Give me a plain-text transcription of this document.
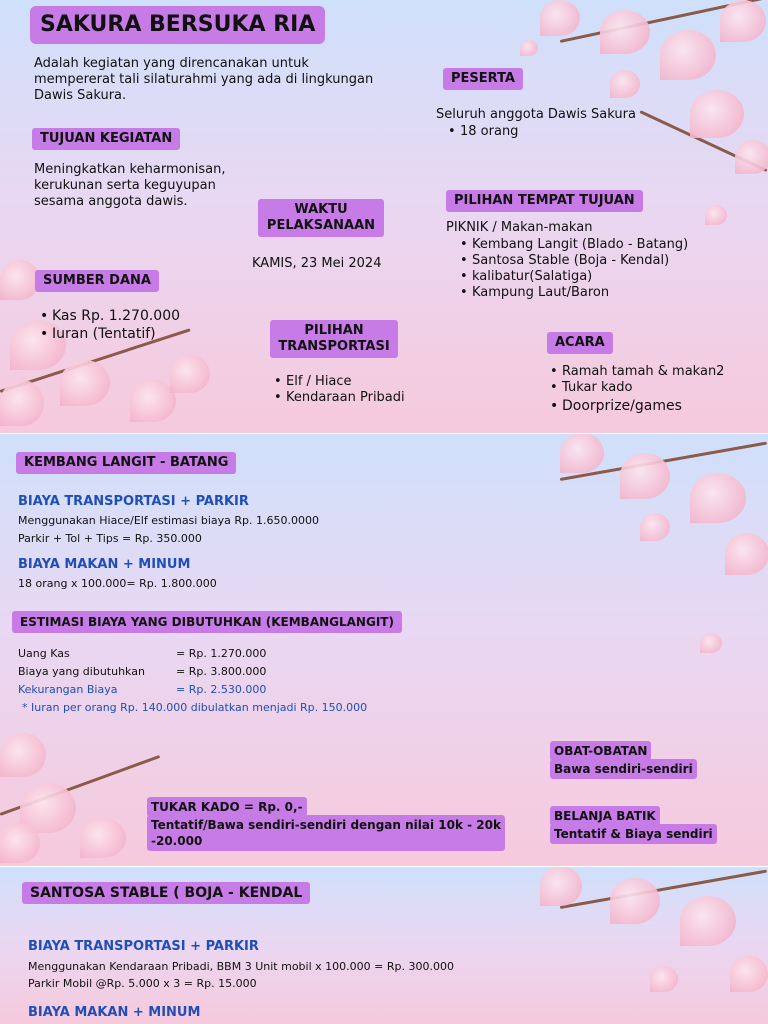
SAKURA BERSUKA RIA
Adalah kegiatan yang direncanakan untuk mempererat tali silaturahmi yang ada di lingkungan Dawis Sakura.
TUJUAN KEGIATAN
Meningkatkan keharmonisan, kerukunan serta keguyupan sesama anggota dawis.
WAKTU PELAKSANAAN
KAMIS, 23 Mei 2024
SUMBER DANA
• Kas Rp. 1.270.000
• Iuran (Tentatif)	PILIHAN TRANSPORTASI
• Elf / Hiace
• Kendaraan Pribadi
PESERTA
Seluruh anggota Dawis Sakura
• 18 orang
PILIHAN TEMPAT TUJUAN
PIKNIK / Makan-makan
• Kembang Langit (Blado - Batang)
• Santosa Stable (Boja - Kendal)
• kalibatur(Salatiga)
• Kampung Laut/Baron
ACARA
• Ramah tamah & makan2
• Tukar kado
• Doorprize/games
KEMBANG LANGIT - BATANG
BIAYA TRANSPORTASI + PARKIR
Menggunakan Hiace/Elf estimasi biaya Rp. 1.650.0000
Parkir + Tol + Tips = Rp. 350.000
BIAYA MAKAN + MINUM
18 orang x 100.000= Rp. 1.800.000
ESTIMASI BIAYA YANG DIBUTUHKAN (KEMBANGLANGIT)
Uang Kas	= Rp. 1.270.000
Biaya yang dibutuhkan	= Rp. 3.800.000
Kekurangan Biaya	= Rp. 2.530.000
* Iuran per orang Rp. 140.000 dibulatkan menjadi Rp. 150.000
OBAT-OBATAN
Bawa sendiri-sendiri
BELANJA BATIK
Tentatif & Biaya sendiri
TUKAR KADO = Rp. 0,-
Tentatif/Bawa sendiri-sendiri dengan nilai 10k - 20k -20.000
SANTOSA STABLE ( BOJA - KENDAL
BIAYA TRANSPORTASI + PARKIR
Menggunakan Kendaraan Pribadi, BBM 3 Unit mobil x 100.000 = Rp. 300.000
Parkir Mobil @Rp. 5.000 x 3 = Rp. 15.000
BIAYA MAKAN + MINUM
